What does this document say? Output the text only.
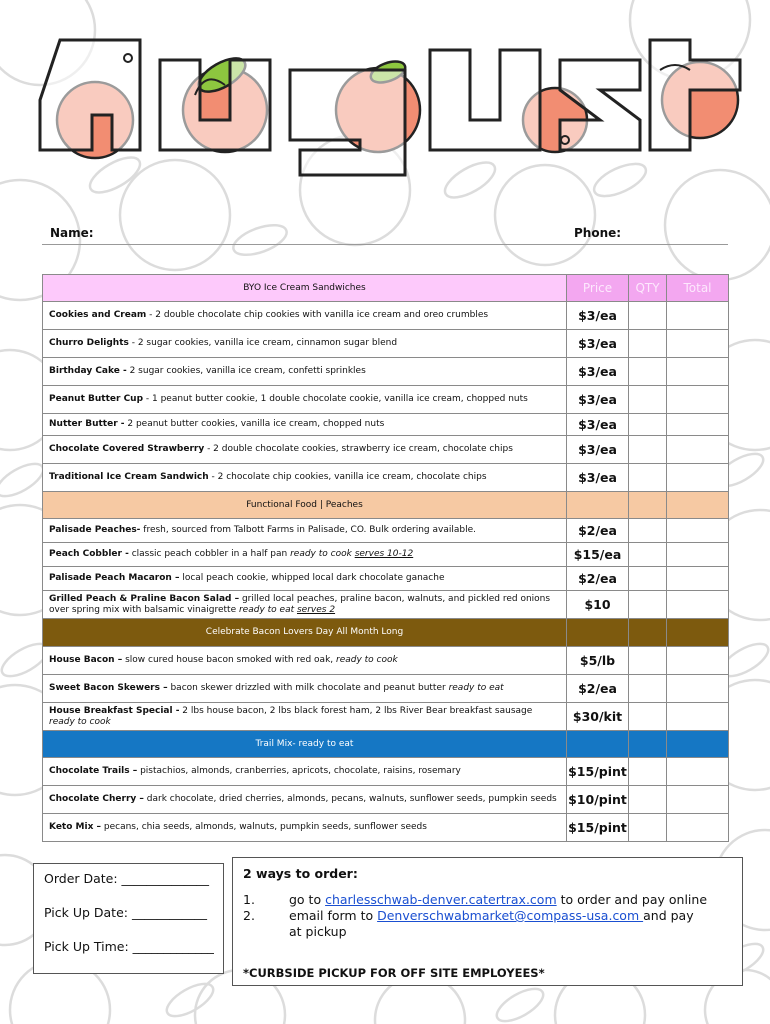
Name:	Phone:
BYO Ice Cream Sandwiches	Price	QTY	Total
Cookies and Cream - 2 double chocolate chip cookies with vanilla ice cream and oreo crumbles	$3/ea		
Churro Delights - 2 sugar cookies, vanilla ice cream, cinnamon sugar blend	$3/ea		
Birthday Cake - 2 sugar cookies, vanilla ice cream, confetti sprinkles	$3/ea		
Peanut Butter Cup - 1 peanut butter cookie, 1 double chocolate cookie, vanilla ice cream, chopped nuts	$3/ea		
Nutter Butter - 2 peanut butter cookies, vanilla ice cream, chopped nuts	$3/ea		
Chocolate Covered Strawberry - 2 double chocolate cookies, strawberry ice cream, chocolate chips	$3/ea		
Traditional Ice Cream Sandwich - 2 chocolate chip cookies, vanilla ice cream, chocolate chips	$3/ea		
Functional Food | Peaches			
Palisade Peaches- fresh, sourced from Talbott Farms in Palisade, CO. Bulk ordering available.	$2/ea		
Peach Cobbler - classic peach cobbler in a half pan ready to cook serves 10-12	$15/ea		
Palisade Peach Macaron – local peach cookie, whipped local dark chocolate ganache	$2/ea		
Grilled Peach & Praline Bacon Salad – grilled local peaches, praline bacon, walnuts, and pickled red onions over spring mix with balsamic vinaigrette ready to eat serves 2	$10		
Celebrate Bacon Lovers Day All Month Long			
House Bacon – slow cured house bacon smoked with red oak, ready to cook	$5/lb		
Sweet Bacon Skewers – bacon skewer drizzled with milk chocolate and peanut butter ready to eat	$2/ea		
House Breakfast Special - 2 lbs house bacon, 2 lbs black forest ham, 2 lbs River Bear breakfast sausage ready to cook	$30/kit		
Trail Mix- ready to eat			
Chocolate Trails – pistachios, almonds, cranberries, apricots, chocolate, raisins, rosemary	$15/pint		
Chocolate Cherry – dark chocolate, dried cherries, almonds, pecans, walnuts, sunflower seeds, pumpkin seeds	$10/pint		
Keto Mix – pecans, chia seeds, almonds, walnuts, pumpkin seeds, sunflower seeds	$15/pint		
Order Date: ______________
Pick Up Date: ____________
Pick Up Time: _____________
2 ways to order:
1.	go to charlesschwab-denver.catertrax.com to order and pay online
2.	email form to Denverschwabmarket@compass-usa.com and pay at pickup
*CURBSIDE PICKUP FOR OFF SITE EMPLOYEES*
